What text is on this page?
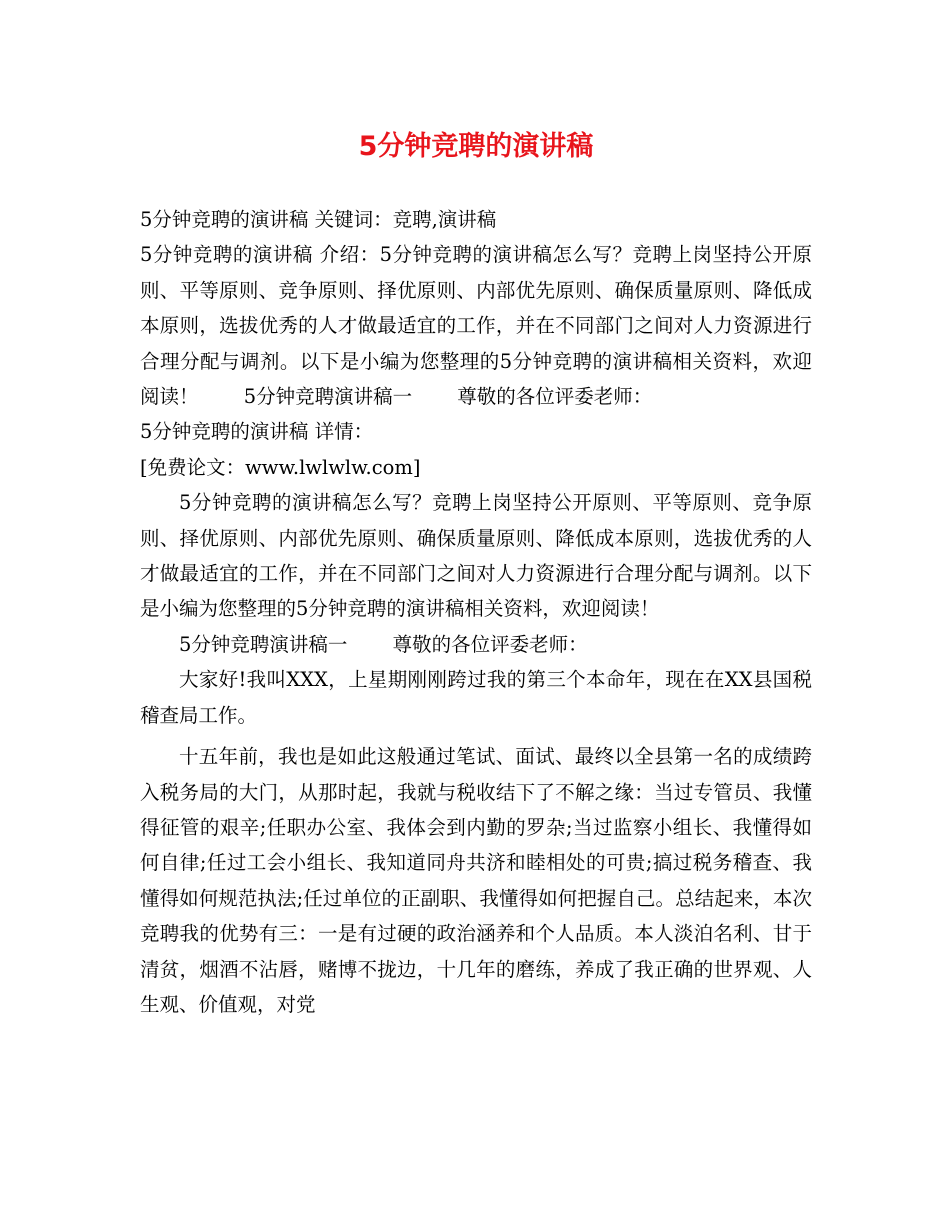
5分钟竞聘的演讲稿

5分钟竞聘的演讲稿 关键词：竞聘,演讲稿

5分钟竞聘的演讲稿 介绍：5分钟竞聘的演讲稿怎么写？竞聘上岗坚持公开原则、平等原则、竞争原则、择优原则、内部优先原则、确保质量原则、降低成本原则，选拔优秀的人才做最适宜的工作，并在不同部门之间对人力资源进行合理分配与调剂。以下是小编为您整理的5分钟竞聘的演讲稿相关资料，欢迎阅读！　　 5分钟竞聘演讲稿一　　 尊敬的各位评委老师：

5分钟竞聘的演讲稿 详情：

[免费论文：www.lwlwlw.com]

5分钟竞聘的演讲稿怎么写？竞聘上岗坚持公开原则、平等原则、竞争原则、择优原则、内部优先原则、确保质量原则、降低成本原则，选拔优秀的人才做最适宜的工作，并在不同部门之间对人力资源进行合理分配与调剂。以下是小编为您整理的5分钟竞聘的演讲稿相关资料，欢迎阅读！

5分钟竞聘演讲稿一　　 尊敬的各位评委老师：

大家好!我叫XXX，上星期刚刚跨过我的第三个本命年，现在在XX县国税稽查局工作。

十五年前，我也是如此这般通过笔试、面试、最终以全县第一名的成绩跨入税务局的大门，从那时起，我就与税收结下了不解之缘：当过专管员、我懂得征管的艰辛;任职办公室、我体会到内勤的罗杂;当过监察小组长、我懂得如何自律;任过工会小组长、我知道同舟共济和睦相处的可贵;搞过税务稽查、我懂得如何规范执法;任过单位的正副职、我懂得如何把握自己。总结起来，本次竞聘我的优势有三：一是有过硬的政治涵养和个人品质。本人淡泊名利、甘于清贫，烟酒不沾唇，赌博不拢边，十几年的磨练，养成了我正确的世界观、人生观、价值观，对党
